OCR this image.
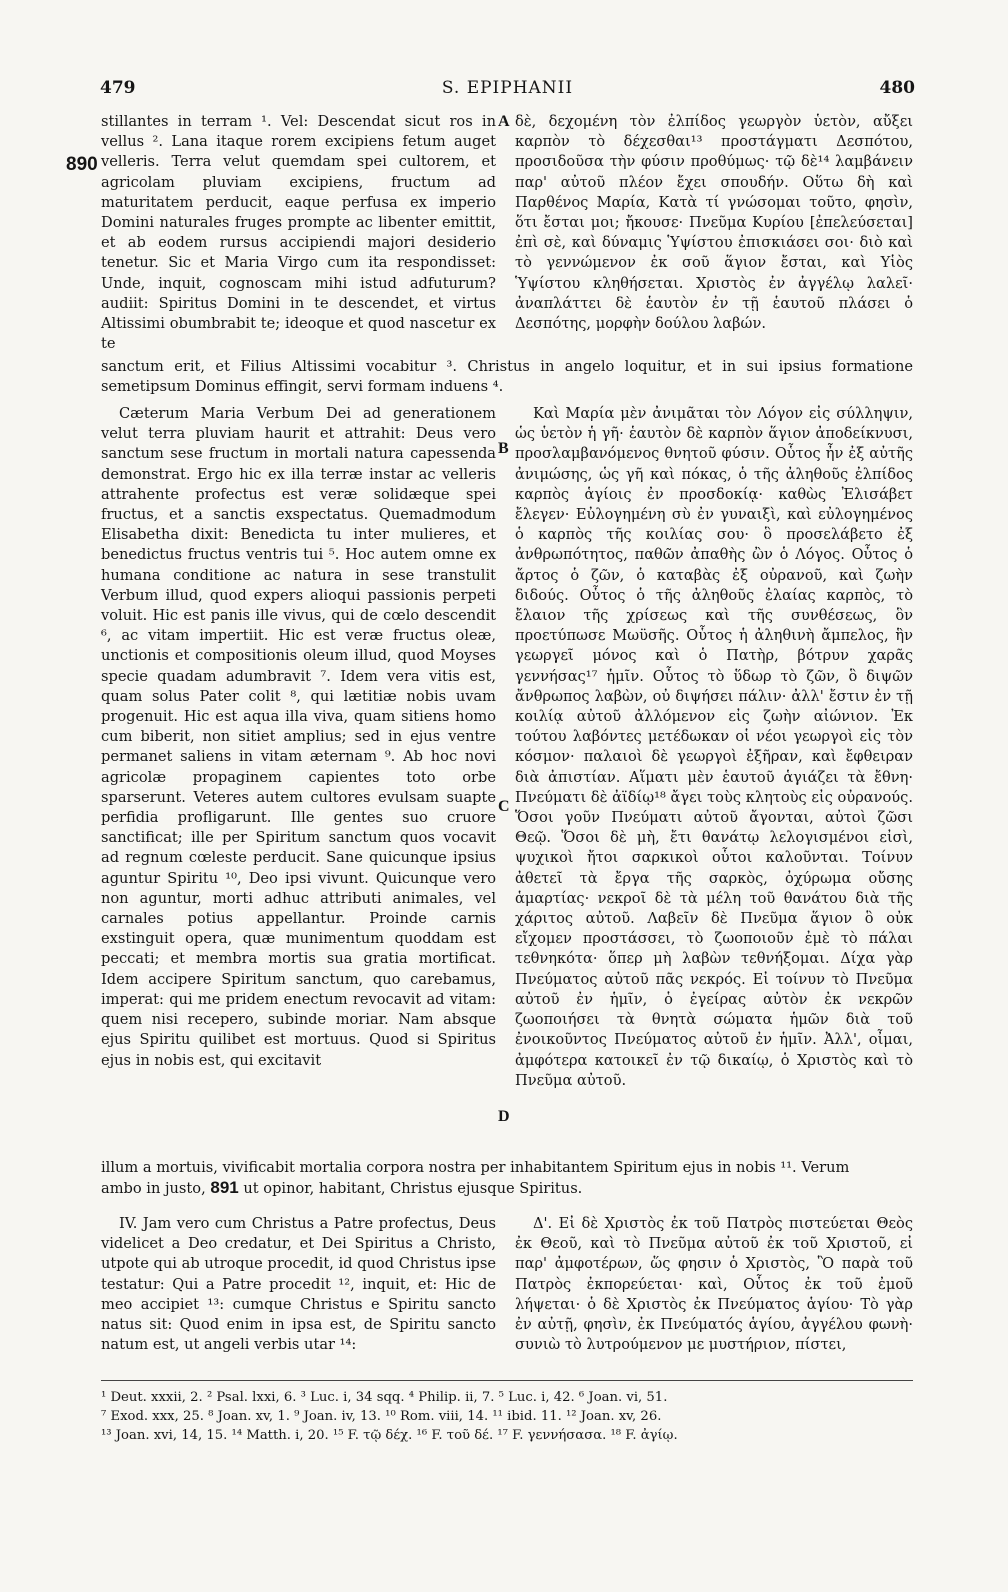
479	S. EPIPHANII	480

stillantes in terram ¹. Vel: Descendat sicut ros in vellus ². Lana itaque rorem excipiens fetum auget velleris. Terra velut quemdam spei cultorem, et agricolam pluviam excipiens, fructum ad maturitatem perducit, eaque perfusa ex imperio Domini naturales fruges prompte ac libenter emittit, et ab eodem rursus accipiendi majori desiderio tenetur. Sic et Maria Virgo cum ita respondisset: Unde, inquit, cognoscam mihi istud adfuturum? audiit: Spiritus Domini in te descendet, et virtus Altissimi obumbrabit te; ideoque et quod nascetur ex te

δὲ, δεχομένη τὸν ἐλπίδος γεωργὸν ὑετὸν, αὔξει καρπὸν τὸ δέχεσθαι¹³ προστάγματι Δεσπότου, προσιδοῦσα τὴν φύσιν προθύμως· τῷ δὲ¹⁴ λαμβάνειν παρ' αὐτοῦ πλέον ἔχει σπουδήν. Οὕτω δὴ καὶ Παρθένος Μαρία, Κατὰ τί γνώσομαι τοῦτο, φησὶν, ὅτι ἔσται μοι; ἤκουσε· Πνεῦμα Κυρίου [ἐπελεύσεται] ἐπὶ σὲ, καὶ δύναμις Ὑψίστου ἐπισκιάσει σοι· διὸ καὶ τὸ γεννώμενον ἐκ σοῦ ἅγιον ἔσται, καὶ Υἱὸς Ὑψίστου κληθήσεται. Χριστὸς ἐν ἀγγέλῳ λαλεῖ· ἀναπλάττει δὲ ἑαυτὸν ἐν τῇ ἑαυτοῦ πλάσει ὁ Δεσπότης, μορφὴν δούλου λαβών.

A
890

sanctum erit, et Filius Altissimi vocabitur ³. Christus in angelo loquitur, et in sui ipsius formatione semetipsum Dominus effingit, servi formam induens ⁴.

Cæterum Maria Verbum Dei ad generationem velut terra pluviam haurit et attrahit: Deus vero sanctum sese fructum in mortali natura capessenda demonstrat. Ergo hic ex illa terræ instar ac velleris attrahente profectus est veræ solidæque spei fructus, et a sanctis exspectatus. Quemadmodum Elisabetha dixit: Benedicta tu inter mulieres, et benedictus fructus ventris tui ⁵. Hoc autem omne ex humana conditione ac natura in sese transtulit Verbum illud, quod expers alioqui passionis perpeti voluit. Hic est panis ille vivus, qui de cœlo descendit ⁶, ac vitam impertiit. Hic est veræ fructus oleæ, unctionis et compositionis oleum illud, quod Moyses specie quadam adumbravit ⁷. Idem vera vitis est, quam solus Pater colit ⁸, qui lætitiæ nobis uvam progenuit. Hic est aqua illa viva, quam sitiens homo cum biberit, non sitiet amplius; sed in ejus ventre permanet saliens in vitam æternam ⁹. Ab hoc novi agricolæ propaginem capientes toto orbe sparserunt. Veteres autem cultores evulsam suapte perfidia profligarunt. Ille gentes suo cruore sanctificat; ille per Spiritum sanctum quos vocavit ad regnum cœleste perducit. Sane quicunque ipsius aguntur Spiritu ¹⁰, Deo ipsi vivunt. Quicunque vero non aguntur, morti adhuc attributi animales, vel carnales potius appellantur. Proinde carnis exstinguit opera, quæ munimentum quoddam est peccati; et membra mortis sua gratia mortificat. Idem accipere Spiritum sanctum, quo carebamus, imperat: qui me pridem enectum revocavit ad vitam: quem nisi recepero, subinde moriar. Nam absque ejus Spiritu quilibet est mortuus. Quod si Spiritus ejus in nobis est, qui excitavit

Καὶ Μαρία μὲν ἀνιμᾶται τὸν Λόγον εἰς σύλληψιν, ὡς ὑετὸν ἡ γῆ· ἑαυτὸν δὲ καρπὸν ἅγιον ἀποδείκνυσι, προσλαμβανόμενος θνητοῦ φύσιν. Οὗτος ἦν ἐξ αὐτῆς ἀνιμώσης, ὡς γῆ καὶ πόκας, ὁ τῆς ἀληθοῦς ἐλπίδος καρπὸς ἁγίοις ἐν προσδοκίᾳ· καθὼς Ἐλισάβετ ἔλεγεν· Εὐλογημένη σὺ ἐν γυναιξὶ, καὶ εὐλογημένος ὁ καρπὸς τῆς κοιλίας σου· ὃ προσελάβετο ἐξ ἀνθρωπότητος, παθῶν ἀπαθὴς ὢν ὁ Λόγος. Οὗτος ὁ ἄρτος ὁ ζῶν, ὁ καταβὰς ἐξ οὐρανοῦ, καὶ ζωὴν διδούς. Οὗτος ὁ τῆς ἀληθοῦς ἐλαίας καρπὸς, τὸ ἔλαιον τῆς χρίσεως καὶ τῆς συνθέσεως, ὃν προετύπωσε Μωϋσῆς. Οὗτος ἡ ἀληθινὴ ἄμπελος, ἣν γεωργεῖ μόνος καὶ ὁ Πατὴρ, βότρυν χαρᾶς γεννήσας¹⁷ ἡμῖν. Οὗτος τὸ ὕδωρ τὸ ζῶν, ὃ διψῶν ἄνθρωπος λαβὼν, οὐ διψήσει πάλιν· ἀλλ' ἔστιν ἐν τῇ κοιλίᾳ αὐτοῦ ἀλλόμενον εἰς ζωὴν αἰώνιον. Ἐκ τούτου λαβόντες μετέδωκαν οἱ νέοι γεωργοὶ εἰς τὸν κόσμον· παλαιοὶ δὲ γεωργοὶ ἐξῆραν, καὶ ἔφθειραν διὰ ἀπιστίαν. Αἵματι μὲν ἑαυτοῦ ἁγιάζει τὰ ἔθνη· Πνεύματι δὲ ἀϊδίῳ¹⁸ ἄγει τοὺς κλητοὺς εἰς οὐρανούς. Ὅσοι γοῦν Πνεύματι αὐτοῦ ἄγονται, αὐτοὶ ζῶσι Θεῷ. Ὅσοι δὲ μὴ, ἔτι θανάτῳ λελογισμένοι εἰσὶ, ψυχικοὶ ἤτοι σαρκικοὶ οὗτοι καλοῦνται. Τοίνυν ἀθετεῖ τὰ ἔργα τῆς σαρκὸς, ὀχύρωμα οὔσης ἁμαρτίας· νεκροῖ δὲ τὰ μέλη τοῦ θανάτου διὰ τῆς χάριτος αὐτοῦ. Λαβεῖν δὲ Πνεῦμα ἅγιον ὃ οὐκ εἴχομεν προστάσσει, τὸ ζωοποιοῦν ἐμὲ τὸ πάλαι τεθνηκότα· ὅπερ μὴ λαβὼν τεθνήξομαι. Δίχα γὰρ Πνεύματος αὐτοῦ πᾶς νεκρός. Εἰ τοίνυν τὸ Πνεῦμα αὐτοῦ ἐν ἡμῖν, ὁ ἐγείρας αὐτὸν ἐκ νεκρῶν ζωοποιήσει τὰ θνητὰ σώματα ἡμῶν διὰ τοῦ ἐνοικοῦντος Πνεύματος αὐτοῦ ἐν ἡμῖν. Ἀλλ', οἶμαι, ἀμφότερα κατοικεῖ ἐν τῷ δικαίῳ, ὁ Χριστὸς καὶ τὸ Πνεῦμα αὐτοῦ.

B
C
D

illum a mortuis, vivificabit mortalia corpora nostra per inhabitantem Spiritum ejus in nobis ¹¹. Verum

ambo in justo, 891 ut opinor, habitant, Christus ejusque Spiritus.

IV. Jam vero cum Christus a Patre profectus, Deus videlicet a Deo credatur, et Dei Spiritus a Christo, utpote qui ab utroque procedit, id quod Christus ipse testatur: Qui a Patre procedit ¹², inquit, et: Hic de meo accipiet ¹³: cumque Christus e Spiritu sancto natus sit: Quod enim in ipsa est, de Spiritu sancto natum est, ut angeli verbis utar ¹⁴:

Δ'. Εἰ δὲ Χριστὸς ἐκ τοῦ Πατρὸς πιστεύεται Θεὸς ἐκ Θεοῦ, καὶ τὸ Πνεῦμα αὐτοῦ ἐκ τοῦ Χριστοῦ, εἰ παρ' ἀμφοτέρων, ὥς φησιν ὁ Χριστὸς, Ὃ παρὰ τοῦ Πατρὸς ἐκπορεύεται· καὶ, Οὗτος ἐκ τοῦ ἐμοῦ λήψεται· ὁ δὲ Χριστὸς ἐκ Πνεύματος ἁγίου· Τὸ γὰρ ἐν αὐτῇ, φησὶν, ἐκ Πνεύματός ἁγίου, ἀγγέλου φωνὴ· συνιὼ τὸ λυτρούμενον με μυστήριον, πίστει,

¹ Deut. xxxii, 2. ² Psal. lxxi, 6. ³ Luc. i, 34 sqq. ⁴ Philip. ii, 7. ⁵ Luc. i, 42. ⁶ Joan. vi, 51.

⁷ Exod. xxx, 25. ⁸ Joan. xv, 1. ⁹ Joan. iv, 13. ¹⁰ Rom. viii, 14. ¹¹ ibid. 11. ¹² Joan. xv, 26.

¹³ Joan. xvi, 14, 15. ¹⁴ Matth. i, 20. ¹⁵ F. τῷ δέχ. ¹⁶ F. τοῦ δέ. ¹⁷ F. γεννήσασα. ¹⁸ F. ἀγίῳ.
